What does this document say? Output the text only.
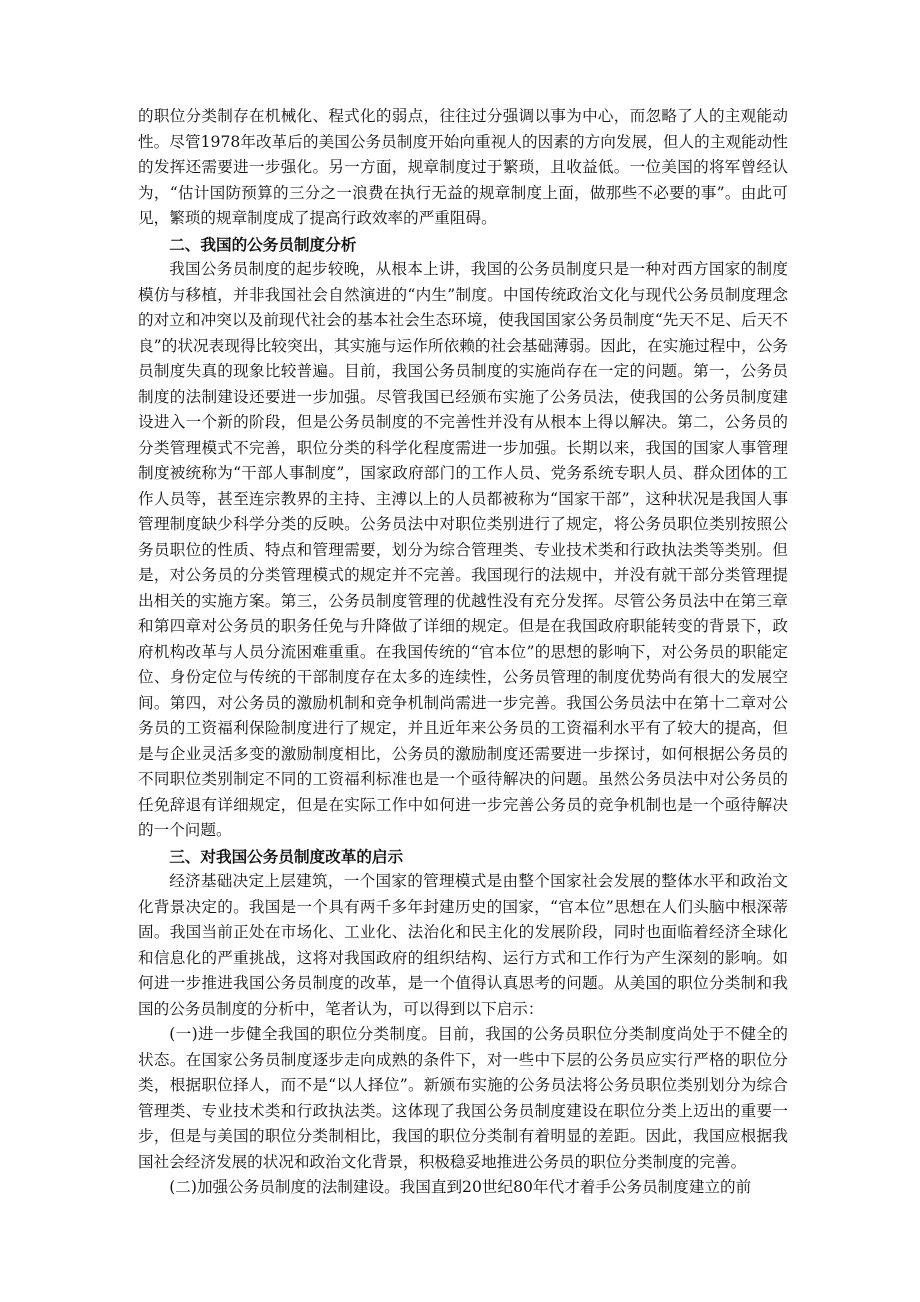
的职位分类制存在机械化、程式化的弱点，往往过分强调以事为中心，而忽略了人的主观能动性。尽管1978年改革后的美国公务员制度开始向重视人的因素的方向发展，但人的主观能动性的发挥还需要进一步强化。另一方面，规章制度过于繁琐，且收益低。一位美国的将军曾经认为，“估计国防预算的三分之一浪费在执行无益的规章制度上面，做那些不必要的事”。由此可见，繁琐的规章制度成了提高行政效率的严重阻碍。

二、我国的公务员制度分析

我国公务员制度的起步较晚，从根本上讲，我国的公务员制度只是一种对西方国家的制度模仿与移植，并非我国社会自然演进的“内生”制度。中国传统政治文化与现代公务员制度理念的对立和冲突以及前现代社会的基本社会生态环境，使我国国家公务员制度“先天不足、后天不良”的状况表现得比较突出，其实施与运作所依赖的社会基础薄弱。因此，在实施过程中，公务员制度失真的现象比较普遍。目前，我国公务员制度的实施尚存在一定的问题。第一，公务员制度的法制建设还要进一步加强。尽管我国已经颁布实施了公务员法，使我国的公务员制度建设进入一个新的阶段，但是公务员制度的不完善性并没有从根本上得以解决。第二，公务员的分类管理模式不完善，职位分类的科学化程度需进一步加强。长期以来，我国的国家人事管理制度被统称为“干部人事制度”，国家政府部门的工作人员、党务系统专职人员、群众团体的工作人员等，甚至连宗教界的主持、主溥以上的人员都被称为“国家干部”，这种状况是我国人事管理制度缺少科学分类的反映。公务员法中对职位类别进行了规定，将公务员职位类别按照公务员职位的性质、特点和管理需要，划分为综合管理类、专业技术类和行政执法类等类别。但是，对公务员的分类管理模式的规定并不完善。我国现行的法规中，并没有就干部分类管理提出相关的实施方案。第三，公务员制度管理的优越性没有充分发挥。尽管公务员法中在第三章和第四章对公务员的职务任免与升降做了详细的规定。但是在我国政府职能转变的背景下，政府机构改革与人员分流困难重重。在我国传统的“官本位”的思想的影响下，对公务员的职能定位、身份定位与传统的干部制度存在太多的连续性，公务员管理的制度优势尚有很大的发展空间。第四，对公务员的激励机制和竞争机制尚需进一步完善。我国公务员法中在第十二章对公务员的工资福利保险制度进行了规定，并且近年来公务员的工资福利水平有了较大的提高，但是与企业灵活多变的激励制度相比，公务员的激励制度还需要进一步探讨，如何根据公务员的不同职位类别制定不同的工资福利标准也是一个亟待解决的问题。虽然公务员法中对公务员的任免辞退有详细规定，但是在实际工作中如何进一步完善公务员的竞争机制也是一个亟待解决的一个问题。

三、对我国公务员制度改革的启示

经济基础决定上层建筑，一个国家的管理模式是由整个国家社会发展的整体水平和政治文化背景决定的。我国是一个具有两千多年封建历史的国家，“官本位”思想在人们头脑中根深蒂固。我国当前正处在市场化、工业化、法治化和民主化的发展阶段，同时也面临着经济全球化和信息化的严重挑战，这将对我国政府的组织结构、运行方式和工作行为产生深刻的影响。如何进一步推进我国公务员制度的改革，是一个值得认真思考的问题。从美国的职位分类制和我国的公务员制度的分析中，笔者认为，可以得到以下启示：

(一)进一步健全我国的职位分类制度。目前，我国的公务员职位分类制度尚处于不健全的状态。在国家公务员制度逐步走向成熟的条件下，对一些中下层的公务员应实行严格的职位分类，根据职位择人，而不是“以人择位”。新颁布实施的公务员法将公务员职位类别划分为综合管理类、专业技术类和行政执法类。这体现了我国公务员制度建设在职位分类上迈出的重要一步，但是与美国的职位分类制相比，我国的职位分类制有着明显的差距。因此，我国应根据我国社会经济发展的状况和政治文化背景，积极稳妥地推进公务员的职位分类制度的完善。

(二)加强公务员制度的法制建设。我国直到20世纪80年代才着手公务员制度建立的前
